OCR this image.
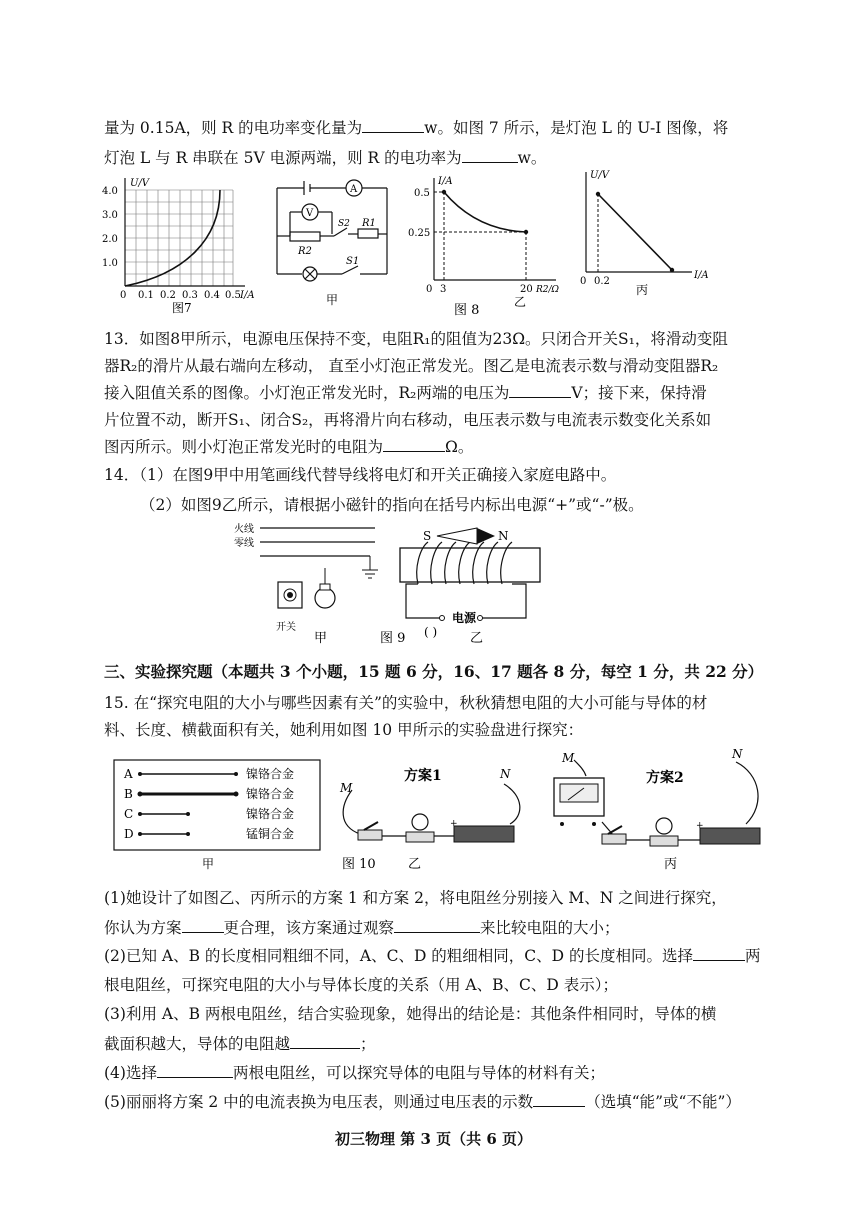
量为 0.15A，则 R 的电功率变化量为	w。如图 7 所示，是灯泡 L 的 U-I 图像，将
灯泡 L 与 R 串联在 5V 电源两端，则 R 的电功率为	w。
U/V
4.0
3.0
2.0
1.0
0 0.1 0.2 0.3 0.4 0.5 I/A
图7
A
V
S2 R1
R2
S1
甲
I/A
0.5
0.25
0 3	20 R2/Ω
乙
图 8
U/V
0 0.2
I/A
丙
13．如图8甲所示，电源电压保持不变，电阻R₁的阻值为23Ω。只闭合开关S₁，将滑动变阻
器R₂的滑片从最右端向左移动， 直至小灯泡正常发光。图乙是电流表示数与滑动变阻器R₂
接入阻值关系的图像。小灯泡正常发光时，R₂两端的电压为	V；接下来，保持滑
片位置不动，断开S₁、闭合S₂，再将滑片向右移动，电压表示数与电流表示数变化关系如
图丙所示。则小灯泡正常发光时的电阻为	Ω。
14．（1）在图9甲中用笔画线代替导线将电灯和开关正确接入家庭电路中。
（2）如图9乙所示，请根据小磁针的指向在括号内标出电源“+”或“-”极。
火线
零线
开关
甲
S	N
电源
( )
图 9	乙
三、实验探究题（本题共 3 个小题，15 题 6 分，16、17 题各 8 分，每空 1 分，共 22 分）
15. 在“探究电阻的大小与哪些因素有关”的实验中，秋秋猜想电阻的大小可能与导体的材
料、长度、横截面积有关，她利用如图 10 甲所示的实验盘进行探究：
A	镍铬合金
B	镍铬合金
C	镍铬合金
D	锰铜合金
甲
方案1
M
N
+
乙
图 10
方案2
M	N
+
丙
(1)她设计了如图乙、丙所示的方案 1 和方案 2，将电阻丝分别接入 M、N 之间进行探究，
你认为方案	更合理，该方案通过观察	来比较电阻的大小；
(2)已知 A、B 的长度相同粗细不同，A、C、D 的粗细相同，C、D 的长度相同。选择	两
根电阻丝，可探究电阻的大小与导体长度的关系（用 A、B、C、D 表示）；
(3)利用 A、B 两根电阻丝，结合实验现象，她得出的结论是：其他条件相同时，导体的横
截面积越大，导体的电阻越	；
(4)选择	两根电阻丝，可以探究导体的电阻与导体的材料有关；
(5)丽丽将方案 2 中的电流表换为电压表，则通过电压表的示数	（选填“能”或“不能”）
初三物理 第 3 页（共 6 页）
